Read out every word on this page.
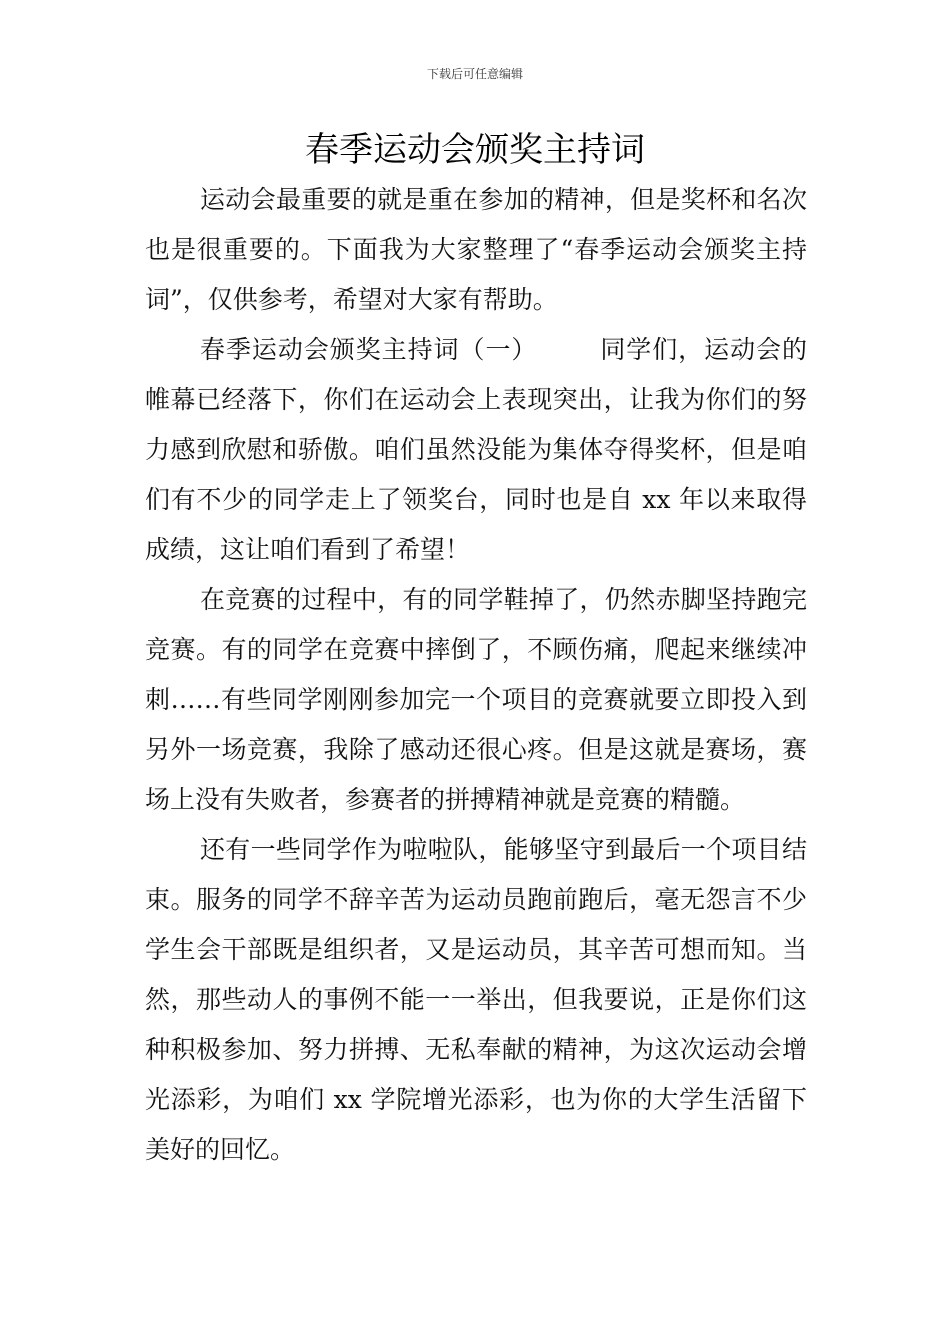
下载后可任意编辑
春季运动会颁奖主持词

运动会最重要的就是重在参加的精神，但是奖杯和名次也是很重要的。下面我为大家整理了“春季运动会颁奖主持词”，仅供参考，希望对大家有帮助。

春季运动会颁奖主持词（一） 同学们，运动会的帷幕已经落下，你们在运动会上表现突出，让我为你们的努力感到欣慰和骄傲。咱们虽然没能为集体夺得奖杯，但是咱们有不少的同学走上了领奖台，同时也是自 xx 年以来取得成绩，这让咱们看到了希望！

在竞赛的过程中，有的同学鞋掉了，仍然赤脚坚持跑完竞赛。有的同学在竞赛中摔倒了，不顾伤痛，爬起来继续冲刺……有些同学刚刚参加完一个项目的竞赛就要立即投入到另外一场竞赛，我除了感动还很心疼。但是这就是赛场，赛场上没有失败者，参赛者的拼搏精神就是竞赛的精髓。

还有一些同学作为啦啦队，能够坚守到最后一个项目结束。服务的同学不辞辛苦为运动员跑前跑后，毫无怨言不少学生会干部既是组织者，又是运动员，其辛苦可想而知。当然，那些动人的事例不能一一举出，但我要说，正是你们这种积极参加、努力拼搏、无私奉献的精神，为这次运动会增光添彩，为咱们 xx 学院增光添彩，也为你的大学生活留下美好的回忆。
